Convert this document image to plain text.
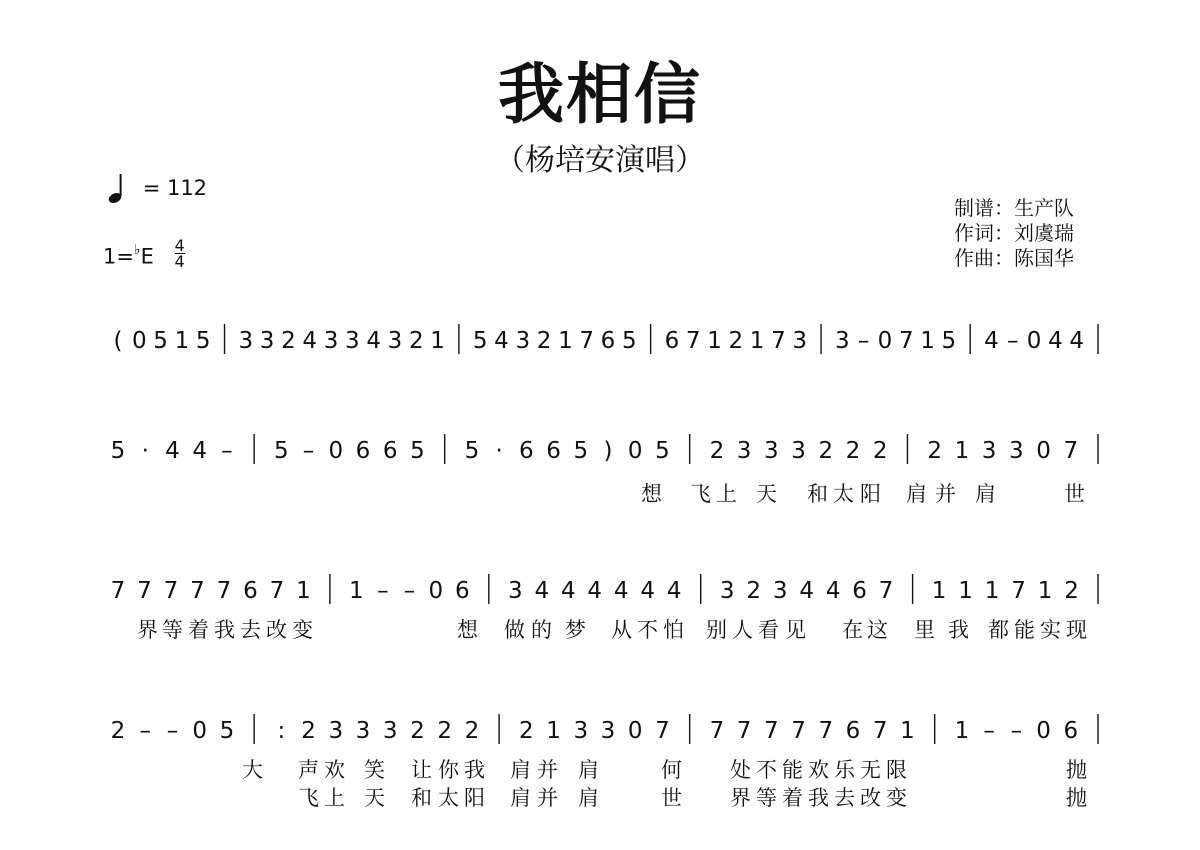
我相信
（杨培安演唱）
= 112
$1=^♭E \frac{4}{4}$
制谱：生产队
作词：刘虞瑞
作曲：陈国华
( 0 5 1 5 3 3 2 4 3 3 4 3 2 1 5 4 3 2 1 7 6 5 6 7 1 2 1 7 3 3 – 0 7 1 5 4 – 0 4 4
5 · 4 4 – 5 – 0 6 6 5 5 · 6 6 5 ) 0 5 2 3 3 3 2 2 2 2 1 3 3 0 7
想 飞 上 天 和 太 阳 肩 并 肩	世
7 7 7 7 7 6 7 1 1 – – 0 6 3 4 4 4 4 4 4 3 2 3 4 4 6 7 1 1 1 7 1 2
界 等 着 我 去 改 变	想 做 的 梦 从 不 怕 别 人 看 见 在 这 里 我 都 能 实 现
2 – – 0 5 : 2 3 3 3 2 2 2 2 1 3 3 0 7 7 7 7 7 7 6 7 1 1 – – 0 6
大 声 欢 笑 让 你 我 肩 并 肩	何 处 不 能 欢 乐 无 限	抛
飞 上 天 和 太 阳 肩 并 肩	世 界 等 着 我 去 改 变	抛
